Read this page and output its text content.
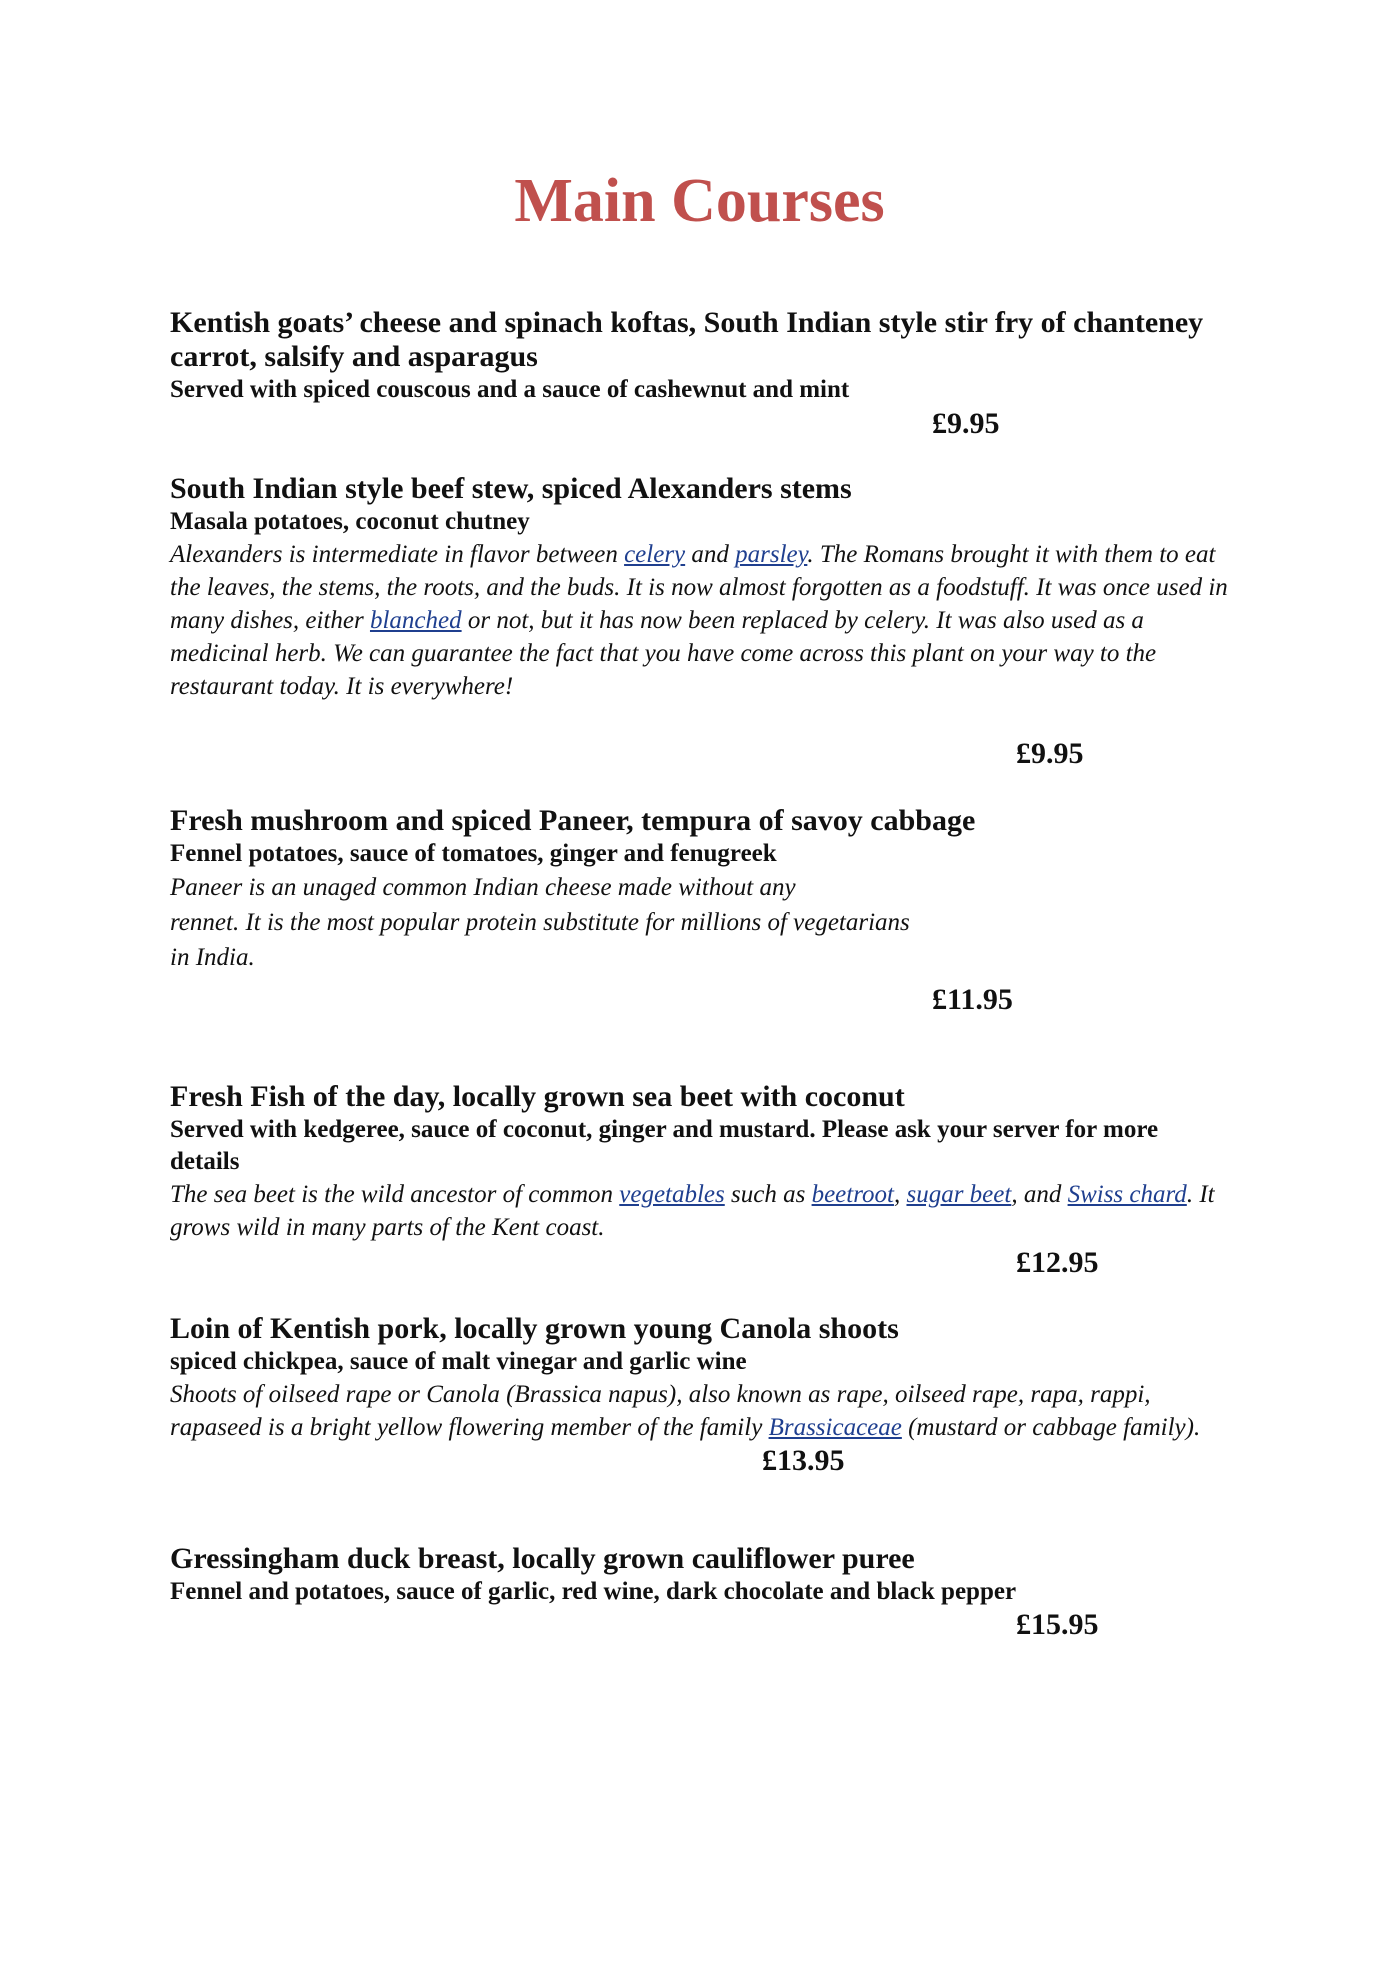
Main Courses

Kentish goats’ cheese and spinach koftas, South Indian style stir fry of chanteney carrot, salsify and asparagus

Served with spiced couscous and a sauce of cashewnut and mint

£9.95

South Indian style beef stew, spiced Alexanders stems

Masala potatoes, coconut chutney

Alexanders is intermediate in flavor between celery and parsley. The Romans brought it with them to eat the leaves, the stems, the roots, and the buds. It is now almost forgotten as a foodstuff. It was once used in many dishes, either blanched or not, but it has now been replaced by celery. It was also used as a medicinal herb. We can guarantee the fact that you have come across this plant on your way to the restaurant today. It is everywhere!

£9.95

Fresh mushroom and spiced Paneer, tempura of savoy cabbage

Fennel potatoes, sauce of tomatoes, ginger and fenugreek

Paneer is an unaged common Indian cheese made without any
rennet. It is the most popular protein substitute for millions of vegetarians
in India.

£11.95

Fresh Fish of the day, locally grown sea beet with coconut

Served with kedgeree, sauce of coconut, ginger and mustard. Please ask your server for more details

The sea beet is the wild ancestor of common vegetables such as beetroot, sugar beet, and Swiss chard. It grows wild in many parts of the Kent coast.

£12.95

Loin of Kentish pork, locally grown young Canola shoots

spiced chickpea, sauce of malt vinegar and garlic wine

Shoots of oilseed rape or Canola (Brassica napus), also known as rape, oilseed rape, rapa, rappi, rapaseed is a bright yellow flowering member of the family Brassicaceae (mustard or cabbage family).

£13.95

Gressingham duck breast, locally grown cauliflower puree

Fennel and potatoes, sauce of garlic, red wine, dark chocolate and black pepper

£15.95
